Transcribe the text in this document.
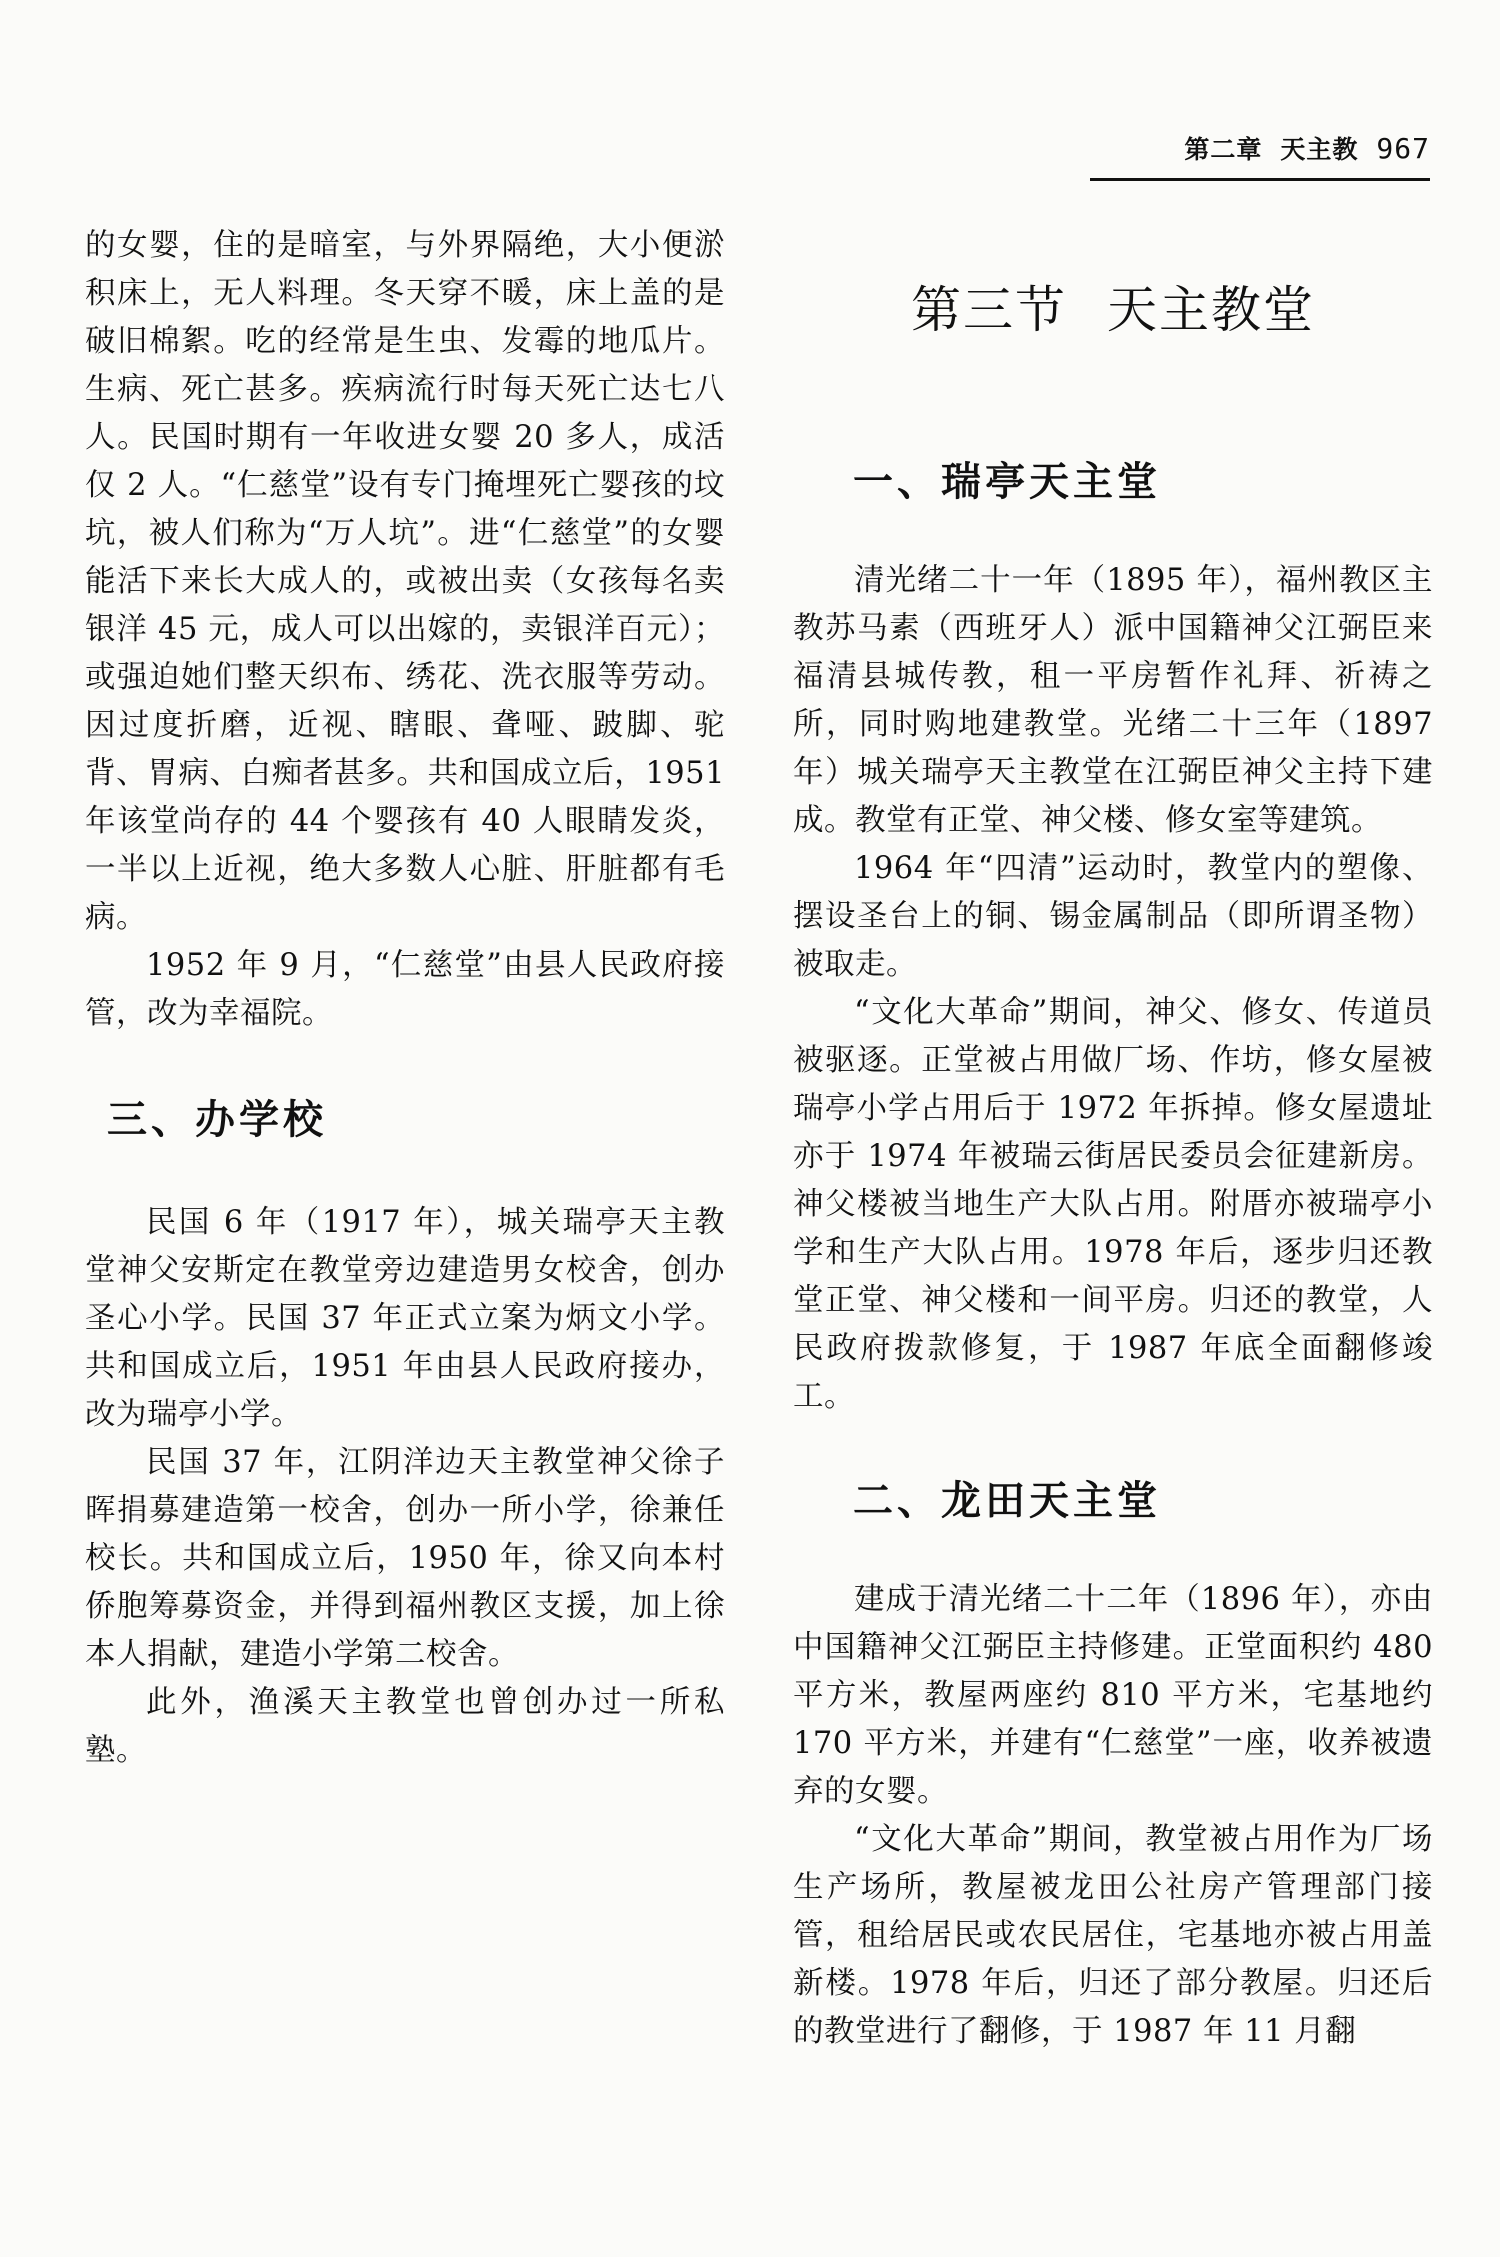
第二章 天主教 967

的女婴，住的是暗室，与外界隔绝，大小便淤积床上，无人料理。冬天穿不暖，床上盖的是破旧棉絮。吃的经常是生虫、发霉的地瓜片。生病、死亡甚多。疾病流行时每天死亡达七八人。民国时期有一年收进女婴 20 多人，成活仅 2 人。“仁慈堂”设有专门掩埋死亡婴孩的坟坑，被人们称为“万人坑”。进“仁慈堂”的女婴能活下来长大成人的，或被出卖（女孩每名卖银洋 45 元，成人可以出嫁的，卖银洋百元）；或强迫她们整天织布、绣花、洗衣服等劳动。因过度折磨，近视、瞎眼、聋哑、跛脚、驼背、胃病、白痴者甚多。共和国成立后，1951 年该堂尚存的 44 个婴孩有 40 人眼睛发炎，一半以上近视，绝大多数人心脏、肝脏都有毛病。

1952 年 9 月，“仁慈堂”由县人民政府接管，改为幸福院。

三、办学校

民国 6 年（1917 年），城关瑞亭天主教堂神父安斯定在教堂旁边建造男女校舍，创办圣心小学。民国 37 年正式立案为炳文小学。共和国成立后，1951 年由县人民政府接办，改为瑞亭小学。

民国 37 年，江阴洋边天主教堂神父徐子晖捐募建造第一校舍，创办一所小学，徐兼任校长。共和国成立后，1950 年，徐又向本村侨胞筹募资金，并得到福州教区支援，加上徐本人捐献，建造小学第二校舍。

此外，渔溪天主教堂也曾创办过一所私塾。

第三节 天主教堂
一、瑞亭天主堂

清光绪二十一年（1895 年），福州教区主教苏马素（西班牙人）派中国籍神父江弼臣来福清县城传教，租一平房暂作礼拜、祈祷之所，同时购地建教堂。光绪二十三年（1897 年）城关瑞亭天主教堂在江弼臣神父主持下建成。教堂有正堂、神父楼、修女室等建筑。

1964 年“四清”运动时，教堂内的塑像、摆设圣台上的铜、锡金属制品（即所谓圣物）被取走。

“文化大革命”期间，神父、修女、传道员被驱逐。正堂被占用做厂场、作坊，修女屋被瑞亭小学占用后于 1972 年拆掉。修女屋遗址亦于 1974 年被瑞云街居民委员会征建新房。神父楼被当地生产大队占用。附厝亦被瑞亭小学和生产大队占用。1978 年后，逐步归还教堂正堂、神父楼和一间平房。归还的教堂，人民政府拨款修复，于 1987 年底全面翻修竣工。

二、龙田天主堂

建成于清光绪二十二年（1896 年），亦由中国籍神父江弼臣主持修建。正堂面积约 480 平方米，教屋两座约 810 平方米，宅基地约 170 平方米，并建有“仁慈堂”一座，收养被遗弃的女婴。

“文化大革命”期间，教堂被占用作为厂场生产场所，教屋被龙田公社房产管理部门接管，租给居民或农民居住，宅基地亦被占用盖新楼。1978 年后，归还了部分教屋。归还后的教堂进行了翻修，于 1987 年 11 月翻
